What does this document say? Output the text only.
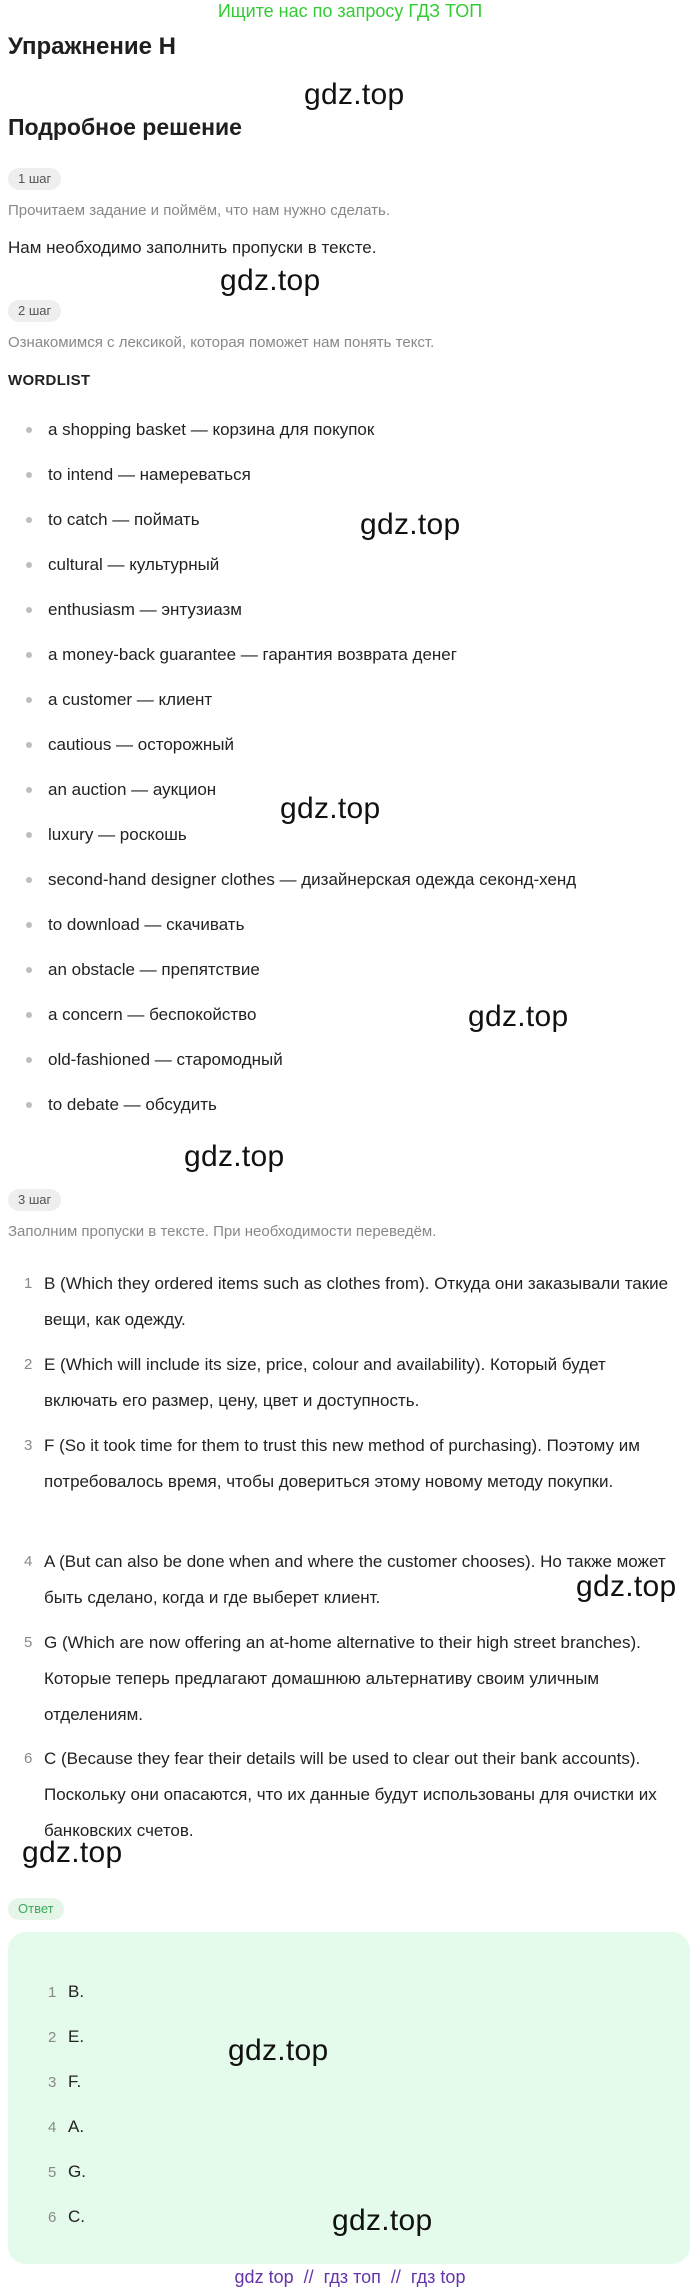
Ищите нас по запросу ГДЗ ТОП
Упражнение H
gdz.top
Подробное решение
1 шаг
Прочитаем задание и поймём, что нам нужно сделать.
Нам необходимо заполнить пропуски в тексте.
gdz.top
2 шаг
Ознакомимся с лексикой, которая поможет нам понять текст.
WORDLIST
a shopping basket — корзина для покупок
to intend — намереваться
to catch — поймать
cultural — культурный
enthusiasm — энтузиазм
a money-back guarantee — гарантия возврата денег
a customer — клиент
cautious — осторожный
an auction — аукцион
luxury — роскошь
second-hand designer clothes — дизайнерская одежда секонд-хенд
to download — скачивать
an obstacle — препятствие
a concern — беспокойство
old-fashioned — старомодный
to debate — обсудить
gdz.top
gdz.top
gdz.top
gdz.top
3 шаг
Заполним пропуски в тексте. При необходимости переведём.
1 B (Which they ordered items such as clothes from). Откуда они заказывали такие вещи, как одежду.
2 E (Which will include its size, price, colour and availability). Который будет включать его размер, цену, цвет и доступность.
3 F (So it took time for them to trust this new method of purchasing). Поэтому им потребовалось время, чтобы довериться этому новому методу покупки.
4 A (But can also be done when and where the customer chooses). Но также может быть сделано, когда и где выберет клиент.
5 G (Which are now offering an at-home alternative to their high street branches). Которые теперь предлагают домашнюю альтернативу своим уличным отделениям.
6 C (Because they fear their details will be used to clear out their bank accounts). Поскольку они опасаются, что их данные будут использованы для очистки их банковских счетов.
gdz.top
gdz.top
Ответ
1 B.
2 E.
3 F.
4 A.
5 G.
6 C.
gdz.top
gdz.top
gdz top  //  гдз топ  //  гдз top
